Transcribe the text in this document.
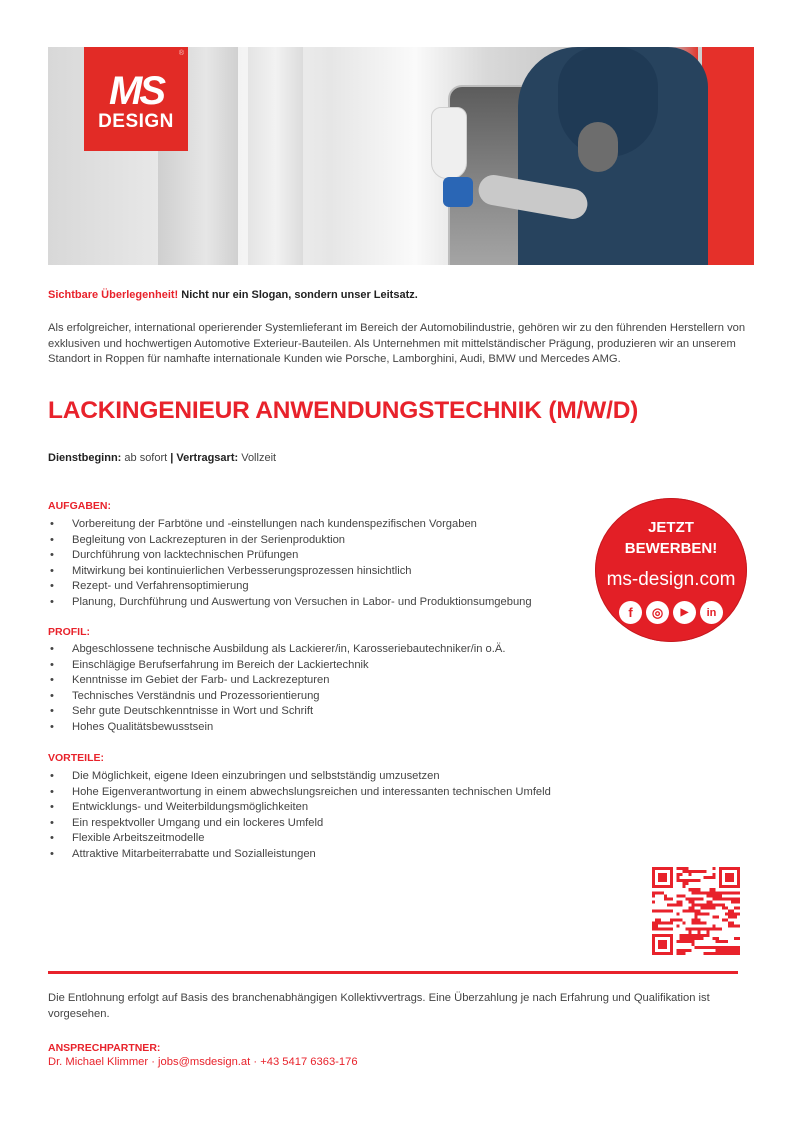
®
MS
DESIGN
Sichtbare Überlegenheit! Nicht nur ein Slogan, sondern unser Leitsatz.
Als erfolgreicher, international operierender Systemlieferant im Bereich der Automobilindustrie, gehören wir zu den führenden Herstellern von exklusiven und hochwertigen Automotive Exterieur-Bauteilen. Als Unternehmen mit mittelständischer Prägung, produzieren wir an unserem Standort in Roppen für namhafte internationale Kunden wie Porsche, Lamborghini, Audi, BMW und Mercedes AMG.
LACKINGENIEUR ANWENDUNGSTECHNIK (M/W/D)
Dienstbeginn: ab sofort | Vertragsart: Vollzeit
AUFGABEN:
• Vorbereitung der Farbtöne und -einstellungen nach kundenspezifischen Vorgaben
• Begleitung von Lackrezepturen in der Serienproduktion
• Durchführung von lacktechnischen Prüfungen
• Mitwirkung bei kontinuierlichen Verbesserungsprozessen hinsichtlich
• Rezept- und Verfahrensoptimierung
• Planung, Durchführung und Auswertung von Versuchen in Labor- und Produktionsumgebung
PROFIL:
• Abgeschlossene technische Ausbildung als Lackierer/in, Karosseriebautechniker/in o.Ä.
• Einschlägige Berufserfahrung im Bereich der Lackiertechnik
• Kenntnisse im Gebiet der Farb- und Lackrezepturen
• Technisches Verständnis und Prozessorientierung
• Sehr gute Deutschkenntnisse in Wort und Schrift
• Hohes Qualitätsbewusstsein
VORTEILE:
• Die Möglichkeit, eigene Ideen einzubringen und selbstständig umzusetzen
• Hohe Eigenverantwortung in einem abwechslungsreichen und interessanten technischen Umfeld
• Entwicklungs- und Weiterbildungsmöglichkeiten
• Ein respektvoller Umgang und ein lockeres Umfeld
• Flexible Arbeitszeitmodelle
• Attraktive Mitarbeiterrabatte und Sozialleistungen
JETZT
BEWERBEN!
ms-design.com
f	◎	▶	in
Die Entlohnung erfolgt auf Basis des branchenabhängigen Kollektivvertrags. Eine Überzahlung je nach Erfahrung und Qualifikation ist vorgesehen.
ANSPRECHPARTNER:
Dr. Michael Klimmer · jobs@msdesign.at · +43 5417 6363-176
